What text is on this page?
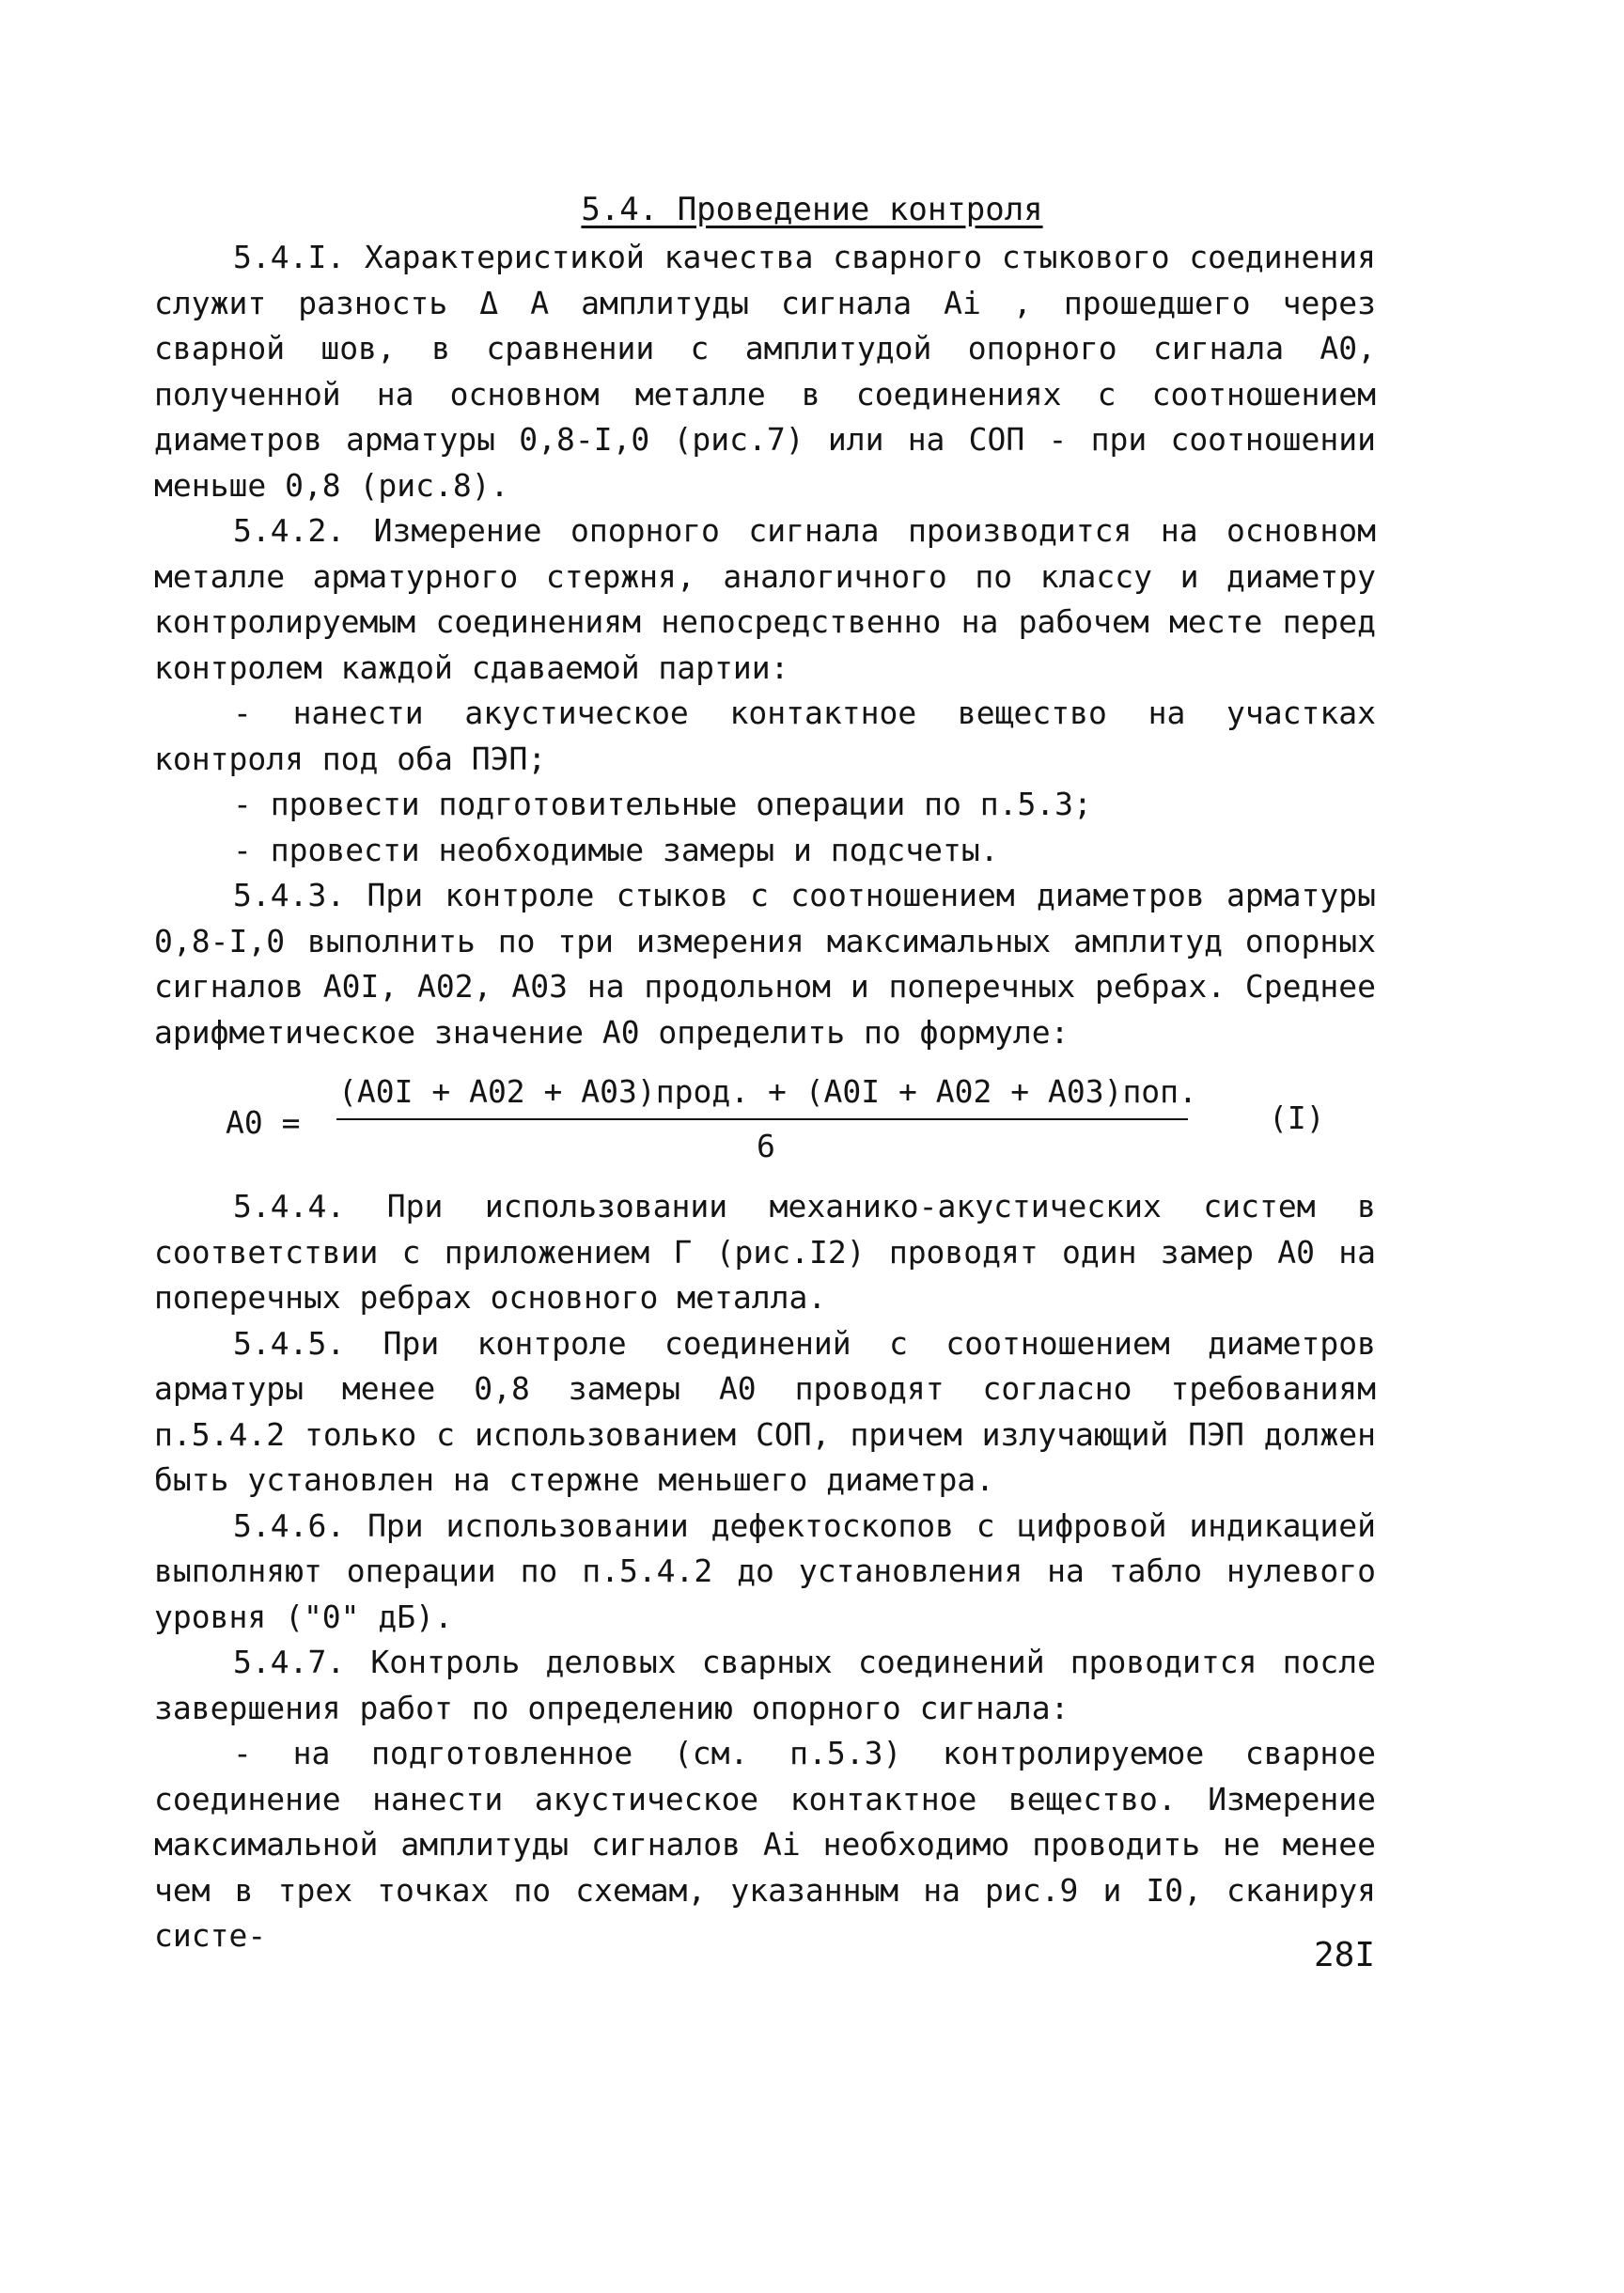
5.4. Проведение контроля

5.4.I. Характеристикой качества сварного стыкового соединения служит разность Δ A амплитуды сигнала Ai , прошедшего через сварной шов, в сравнении с амплитудой опорного сигнала A0, полученной на основном металле в соединениях с соотношением диаметров арматуры 0,8-I,0 (рис.7) или на СОП - при соотношении меньше 0,8 (рис.8).

5.4.2. Измерение опорного сигнала производится на основном металле арматурного стержня, аналогичного по классу и диаметру контролируемым соединениям непосредственно на рабочем месте перед контролем каждой сдаваемой партии:

- нанести акустическое контактное вещество на участках контроля под оба ПЭП;

- провести подготовительные операции по п.5.3;

- провести необходимые замеры и подсчеты.

5.4.3. При контроле стыков с соотношением диаметров арматуры 0,8-I,0 выполнить по три измерения максимальных амплитуд опорных сигналов A0I, A02, A03 на продольном и поперечных ребрах. Среднее арифметическое значение A0 определить по формуле:

A0 =
(A0I + A02 + A03)прод. + (A0I + A02 + A03)поп.
6
(I)

5.4.4. При использовании механико-акустических систем в соответствии с приложением Г (рис.I2) проводят один замер A0 на поперечных ребрах основного металла.

5.4.5. При контроле соединений с соотношением диаметров арматуры менее 0,8 замеры A0 проводят согласно требованиям п.5.4.2 только с использованием СОП, причем излучающий ПЭП должен быть установлен на стержне меньшего диаметра.

5.4.6. При использовании дефектоскопов с цифровой индикацией выполняют операции по п.5.4.2 до установления на табло нулевого уровня ("0" дБ).

5.4.7. Контроль деловых сварных соединений проводится после завершения работ по определению опорного сигнала:

- на подготовленное (см. п.5.3) контролируемое сварное соединение нанести акустическое контактное вещество. Измерение максимальной амплитуды сигналов Ai необходимо проводить не менее чем в трех точках по схемам, указанным на рис.9 и I0, сканируя систе-

28I
